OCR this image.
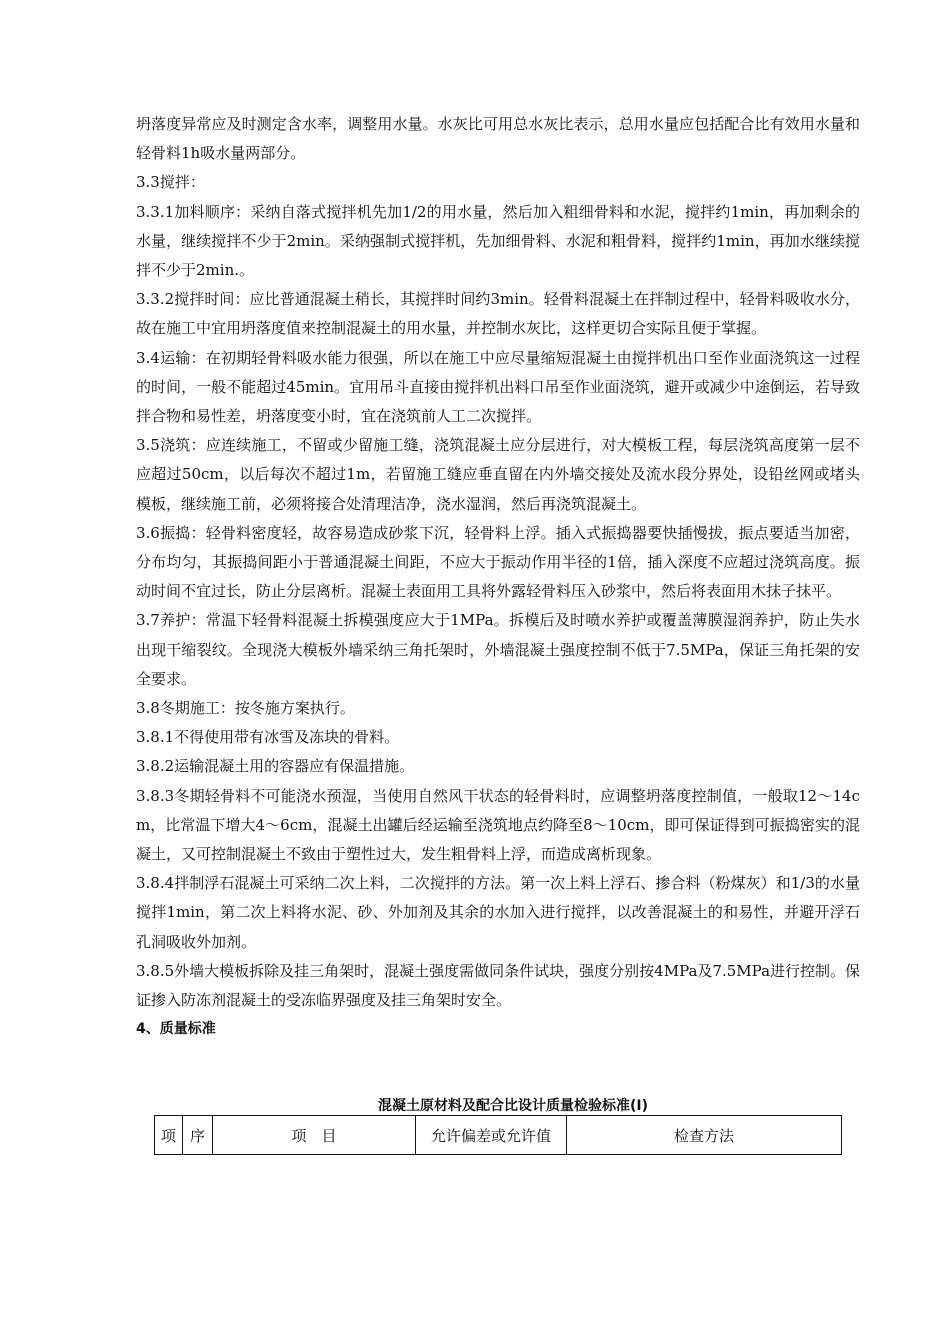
坍落度异常应及时测定含水率，调整用水量。水灰比可用总水灰比表示，总用水量应包括配合比有效用水量和轻骨料1h吸水量两部分。

3.3搅拌：

3.3.1加料顺序：采纳自落式搅拌机先加1/2的用水量，然后加入粗细骨料和水泥，搅拌约1min，再加剩余的水量，继续搅拌不少于2min。采纳强制式搅拌机，先加细骨料、水泥和粗骨料，搅拌约1min，再加水继续搅拌不少于2min.。

3.3.2搅拌时间：应比普通混凝土稍长，其搅拌时间约3min。轻骨料混凝土在拌制过程中，轻骨料吸收水分，故在施工中宜用坍落度值来控制混凝土的用水量，并控制水灰比，这样更切合实际且便于掌握。

3.4运输：在初期轻骨料吸水能力很强，所以在施工中应尽量缩短混凝土由搅拌机出口至作业面浇筑这一过程的时间，一般不能超过45min。宜用吊斗直接由搅拌机出料口吊至作业面浇筑，避开或减少中途倒运，若导致拌合物和易性差，坍落度变小时，宜在浇筑前人工二次搅拌。

3.5浇筑：应连续施工，不留或少留施工缝，浇筑混凝土应分层进行，对大模板工程，每层浇筑高度第一层不应超过50cm，以后每次不超过1m，若留施工缝应垂直留在内外墙交接处及流水段分界处，设铅丝网或堵头模板，继续施工前，必须将接合处清理洁净，浇水湿润，然后再浇筑混凝土。

3.6振捣：轻骨料密度轻，故容易造成砂浆下沉，轻骨料上浮。插入式振捣器要快插慢拔，振点要适当加密，分布均匀，其振捣间距小于普通混凝土间距，不应大于振动作用半径的1倍，插入深度不应超过浇筑高度。振动时间不宜过长，防止分层离析。混凝土表面用工具将外露轻骨料压入砂浆中，然后将表面用木抹子抹平。

3.7养护：常温下轻骨料混凝土拆模强度应大于1MPa。拆模后及时喷水养护或覆盖薄膜湿润养护，防止失水出现干缩裂纹。全现浇大模板外墙采纳三角托架时，外墙混凝土强度控制不低于7.5MPa，保证三角托架的安全要求。

3.8冬期施工：按冬施方案执行。

3.8.1不得使用带有冰雪及冻块的骨料。

3.8.2运输混凝土用的容器应有保温措施。

3.8.3冬期轻骨料不可能浇水预湿，当使用自然风干状态的轻骨料时，应调整坍落度控制值，一般取12～14cm，比常温下增大4～6cm，混凝土出罐后经运输至浇筑地点约降至8～10cm，即可保证得到可振捣密实的混凝土，又可控制混凝土不致由于塑性过大，发生粗骨料上浮，而造成离析现象。

3.8.4拌制浮石混凝土可采纳二次上料，二次搅拌的方法。第一次上料上浮石、掺合料（粉煤灰）和1/3的水量搅拌1min，第二次上料将水泥、砂、外加剂及其余的水加入进行搅拌，以改善混凝土的和易性，并避开浮石孔洞吸收外加剂。

3.8.5外墙大模板拆除及挂三角架时，混凝土强度需做同条件试块，强度分别按4MPa及7.5MPa进行控制。保证掺入防冻剂混凝土的受冻临界强度及挂三角架时安全。

4、质量标准

混凝土原材料及配合比设计质量检验标准(I)

项	序	项　目	允许偏差或允许值	检查方法
